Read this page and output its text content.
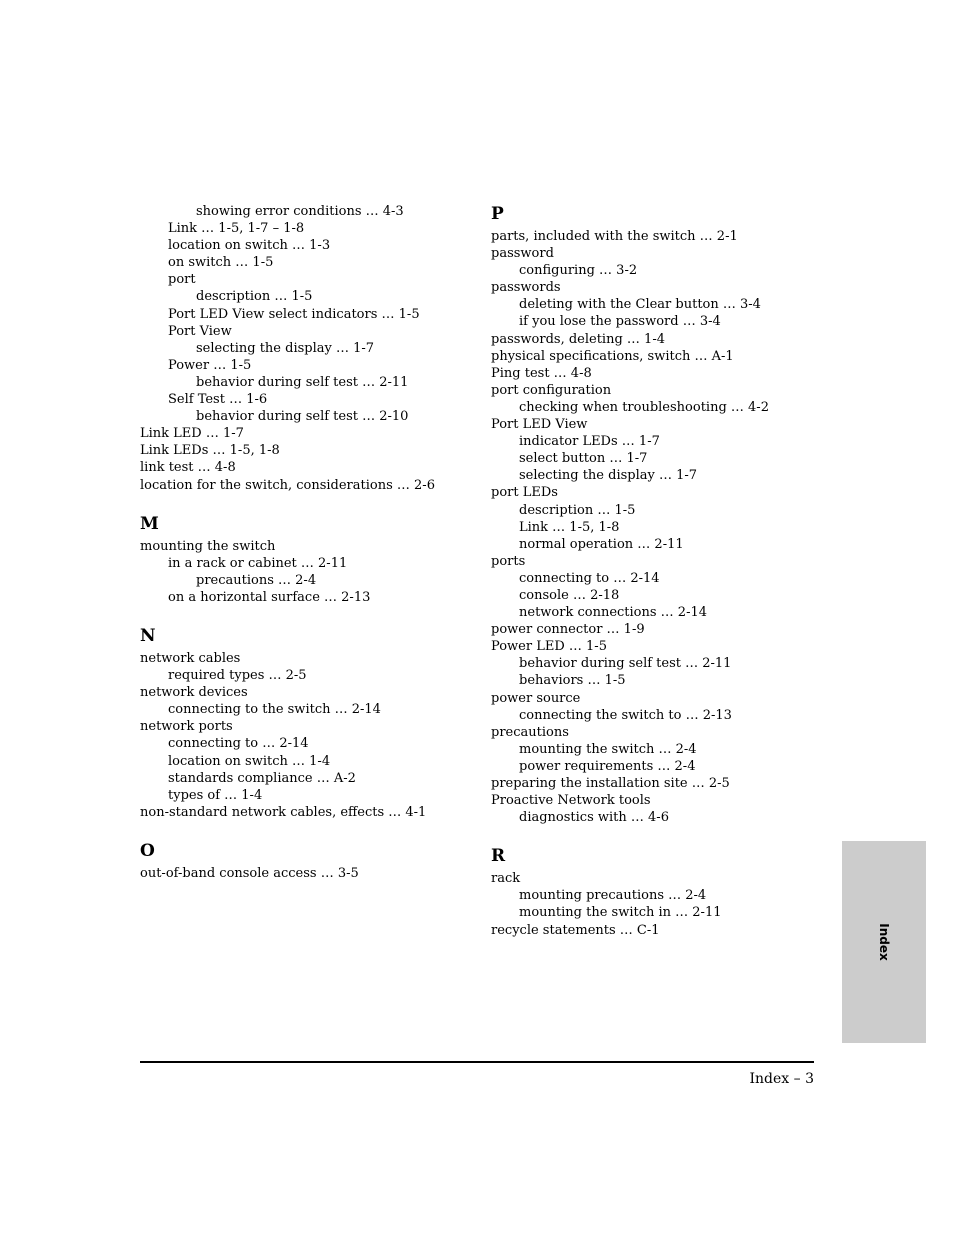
showing error conditions … 4-3
Link … 1-5, 1-7 – 1-8
location on switch … 1-3
on switch … 1-5
port
description … 1-5
Port LED View select indicators … 1-5
Port View
selecting the display … 1-7
Power … 1-5
behavior during self test … 2-11
Self Test … 1-6
behavior during self test … 2-10
Link LED … 1-7
Link LEDs … 1-5, 1-8
link test … 4-8
location for the switch, considerations … 2-6
M
mounting the switch
in a rack or cabinet … 2-11
precautions … 2-4
on a horizontal surface … 2-13
N
network cables
required types … 2-5
network devices
connecting to the switch … 2-14
network ports
connecting to … 2-14
location on switch … 1-4
standards compliance … A-2
types of … 1-4
non-standard network cables, effects … 4-1
O
out-of-band console access … 3-5
P
parts, included with the switch … 2-1
password
configuring … 3-2
passwords
deleting with the Clear button … 3-4
if you lose the password … 3-4
passwords, deleting … 1-4
physical specifications, switch … A-1
Ping test … 4-8
port configuration
checking when troubleshooting … 4-2
Port LED View
indicator LEDs … 1-7
select button … 1-7
selecting the display … 1-7
port LEDs
description … 1-5
Link … 1-5, 1-8
normal operation … 2-11
ports
connecting to … 2-14
console … 2-18
network connections … 2-14
power connector … 1-9
Power LED … 1-5
behavior during self test … 2-11
behaviors … 1-5
power source
connecting the switch to … 2-13
precautions
mounting the switch … 2-4
power requirements … 2-4
preparing the installation site … 2-5
Proactive Network tools
diagnostics with … 4-6
R
rack
mounting precautions … 2-4
mounting the switch in … 2-11
recycle statements … C-1	Index
Index – 3
